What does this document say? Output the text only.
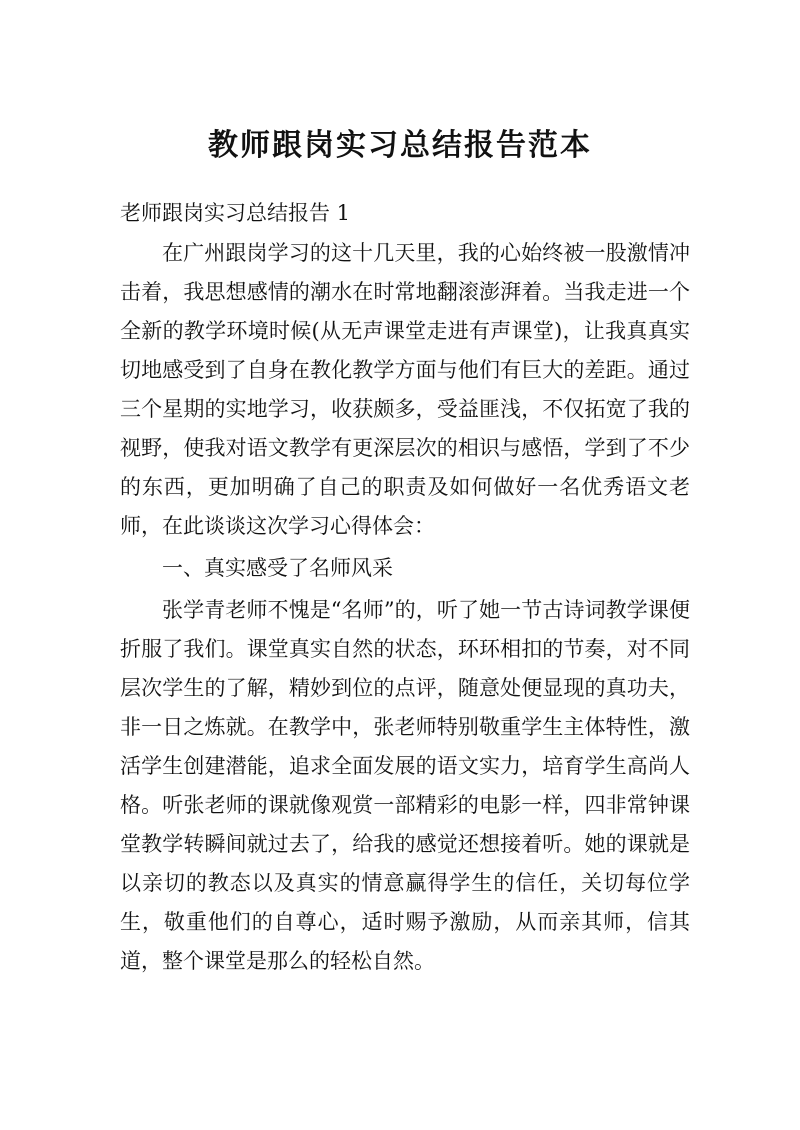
教师跟岗实习总结报告范本

老师跟岗实习总结报告 1

在广州跟岗学习的这十几天里，我的心始终被一股激情冲击着，我思想感情的潮水在时常地翻滚澎湃着。当我走进一个全新的教学环境时候(从无声课堂走进有声课堂)，让我真真实切地感受到了自身在教化教学方面与他们有巨大的差距。通过三个星期的实地学习，收获颇多，受益匪浅，不仅拓宽了我的视野，使我对语文教学有更深层次的相识与感悟，学到了不少的东西，更加明确了自己的职责及如何做好一名优秀语文老师，在此谈谈这次学习心得体会：

一、真实感受了名师风采

张学青老师不愧是“名师”的，听了她一节古诗词教学课便折服了我们。课堂真实自然的状态，环环相扣的节奏，对不同层次学生的了解，精妙到位的点评，随意处便显现的真功夫，非一日之炼就。在教学中，张老师特别敬重学生主体特性，激活学生创建潜能，追求全面发展的语文实力，培育学生高尚人格。听张老师的课就像观赏一部精彩的电影一样，四非常钟课堂教学转瞬间就过去了，给我的感觉还想接着听。她的课就是以亲切的教态以及真实的情意赢得学生的信任，关切每位学生，敬重他们的自尊心，适时赐予激励，从而亲其师，信其道，整个课堂是那么的轻松自然。
